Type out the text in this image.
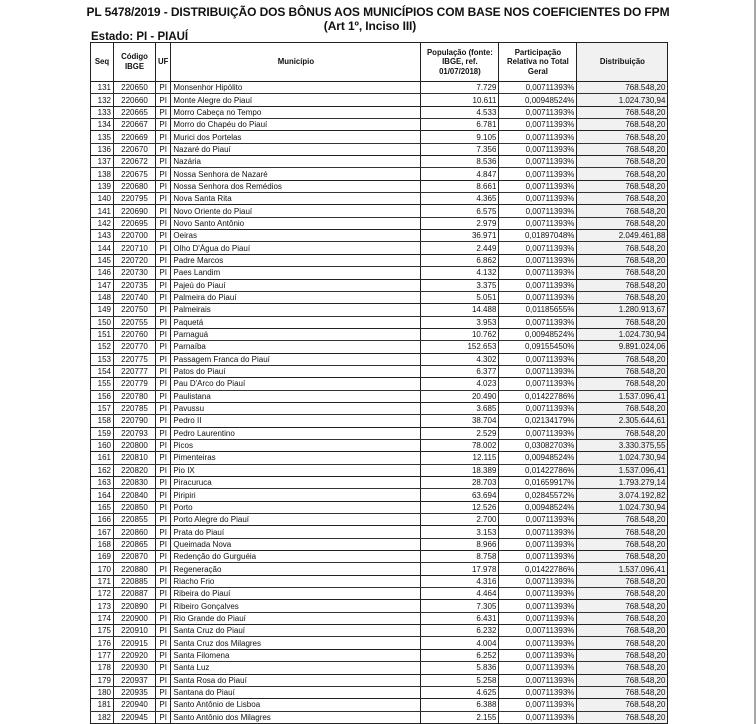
PL 5478/2019 - DISTRIBUIÇÃO DOS BÔNUS AOS MUNICÍPIOS COM BASE NOS COEFICIENTES DO FPM
(Art 1º, Inciso III)
Estado: PI - PIAUÍ
Seq	Código IBGE	UF	Município	População (fonte: IBGE, ref. 01/07/2018)	Participação Relativa no Total Geral	Distribuição
131	220650	PI	Monsenhor Hipólito	7.729	0,00711393%	768.548,20
132	220660	PI	Monte Alegre do Piauí	10.611	0,00948524%	1.024.730,94
133	220665	PI	Morro Cabeça no Tempo	4.533	0,00711393%	768.548,20
134	220667	PI	Morro do Chapéu do Piauí	6.781	0,00711393%	768.548,20
135	220669	PI	Murici dos Portelas	9.105	0,00711393%	768.548,20
136	220670	PI	Nazaré do Piauí	7.356	0,00711393%	768.548,20
137	220672	PI	Nazária	8.536	0,00711393%	768.548,20
138	220675	PI	Nossa Senhora de Nazaré	4.847	0,00711393%	768.548,20
139	220680	PI	Nossa Senhora dos Remédios	8.661	0,00711393%	768.548,20
140	220795	PI	Nova Santa Rita	4.365	0,00711393%	768.548,20
141	220690	PI	Novo Oriente do Piauí	6.575	0,00711393%	768.548,20
142	220695	PI	Novo Santo Antônio	2.979	0,00711393%	768.548,20
143	220700	PI	Oeiras	36.971	0,01897048%	2.049.461,88
144	220710	PI	Olho D'Água do Piauí	2.449	0,00711393%	768.548,20
145	220720	PI	Padre Marcos	6.862	0,00711393%	768.548,20
146	220730	PI	Paes Landim	4.132	0,00711393%	768.548,20
147	220735	PI	Pajeú do Piauí	3.375	0,00711393%	768.548,20
148	220740	PI	Palmeira do Piauí	5.051	0,00711393%	768.548,20
149	220750	PI	Palmeirais	14.488	0,01185655%	1.280.913,67
150	220755	PI	Paquetá	3.953	0,00711393%	768.548,20
151	220760	PI	Parnaguá	10.762	0,00948524%	1.024.730,94
152	220770	PI	Parnaíba	152.653	0,09155450%	9.891.024,06
153	220775	PI	Passagem Franca do Piauí	4.302	0,00711393%	768.548,20
154	220777	PI	Patos do Piauí	6.377	0,00711393%	768.548,20
155	220779	PI	Pau D'Arco do Piauí	4.023	0,00711393%	768.548,20
156	220780	PI	Paulistana	20.490	0,01422786%	1.537.096,41
157	220785	PI	Pavussu	3.685	0,00711393%	768.548,20
158	220790	PI	Pedro II	38.704	0,02134179%	2.305.644,61
159	220793	PI	Pedro Laurentino	2.529	0,00711393%	768.548,20
160	220800	PI	Picos	78.002	0,03082703%	3.330.375,55
161	220810	PI	Pimenteiras	12.115	0,00948524%	1.024.730,94
162	220820	PI	Pio IX	18.389	0,01422786%	1.537.096,41
163	220830	PI	Piracuruca	28.703	0,01659917%	1.793.279,14
164	220840	PI	Piripiri	63.694	0,02845572%	3.074.192,82
165	220850	PI	Porto	12.526	0,00948524%	1.024.730,94
166	220855	PI	Porto Alegre do Piauí	2.700	0,00711393%	768.548,20
167	220860	PI	Prata do Piauí	3.153	0,00711393%	768.548,20
168	220865	PI	Queimada Nova	8.966	0,00711393%	768.548,20
169	220870	PI	Redenção do Gurguéia	8.758	0,00711393%	768.548,20
170	220880	PI	Regeneração	17.978	0,01422786%	1.537.096,41
171	220885	PI	Riacho Frio	4.316	0,00711393%	768.548,20
172	220887	PI	Ribeira do Piauí	4.464	0,00711393%	768.548,20
173	220890	PI	Ribeiro Gonçalves	7.305	0,00711393%	768.548,20
174	220900	PI	Rio Grande do Piauí	6.431	0,00711393%	768.548,20
175	220910	PI	Santa Cruz do Piauí	6.232	0,00711393%	768.548,20
176	220915	PI	Santa Cruz dos Milagres	4.004	0,00711393%	768.548,20
177	220920	PI	Santa Filomena	6.252	0,00711393%	768.548,20
178	220930	PI	Santa Luz	5.836	0,00711393%	768.548,20
179	220937	PI	Santa Rosa do Piauí	5.258	0,00711393%	768.548,20
180	220935	PI	Santana do Piauí	4.625	0,00711393%	768.548,20
181	220940	PI	Santo Antônio de Lisboa	6.388	0,00711393%	768.548,20
182	220945	PI	Santo Antônio dos Milagres	2.155	0,00711393%	768.548,20
